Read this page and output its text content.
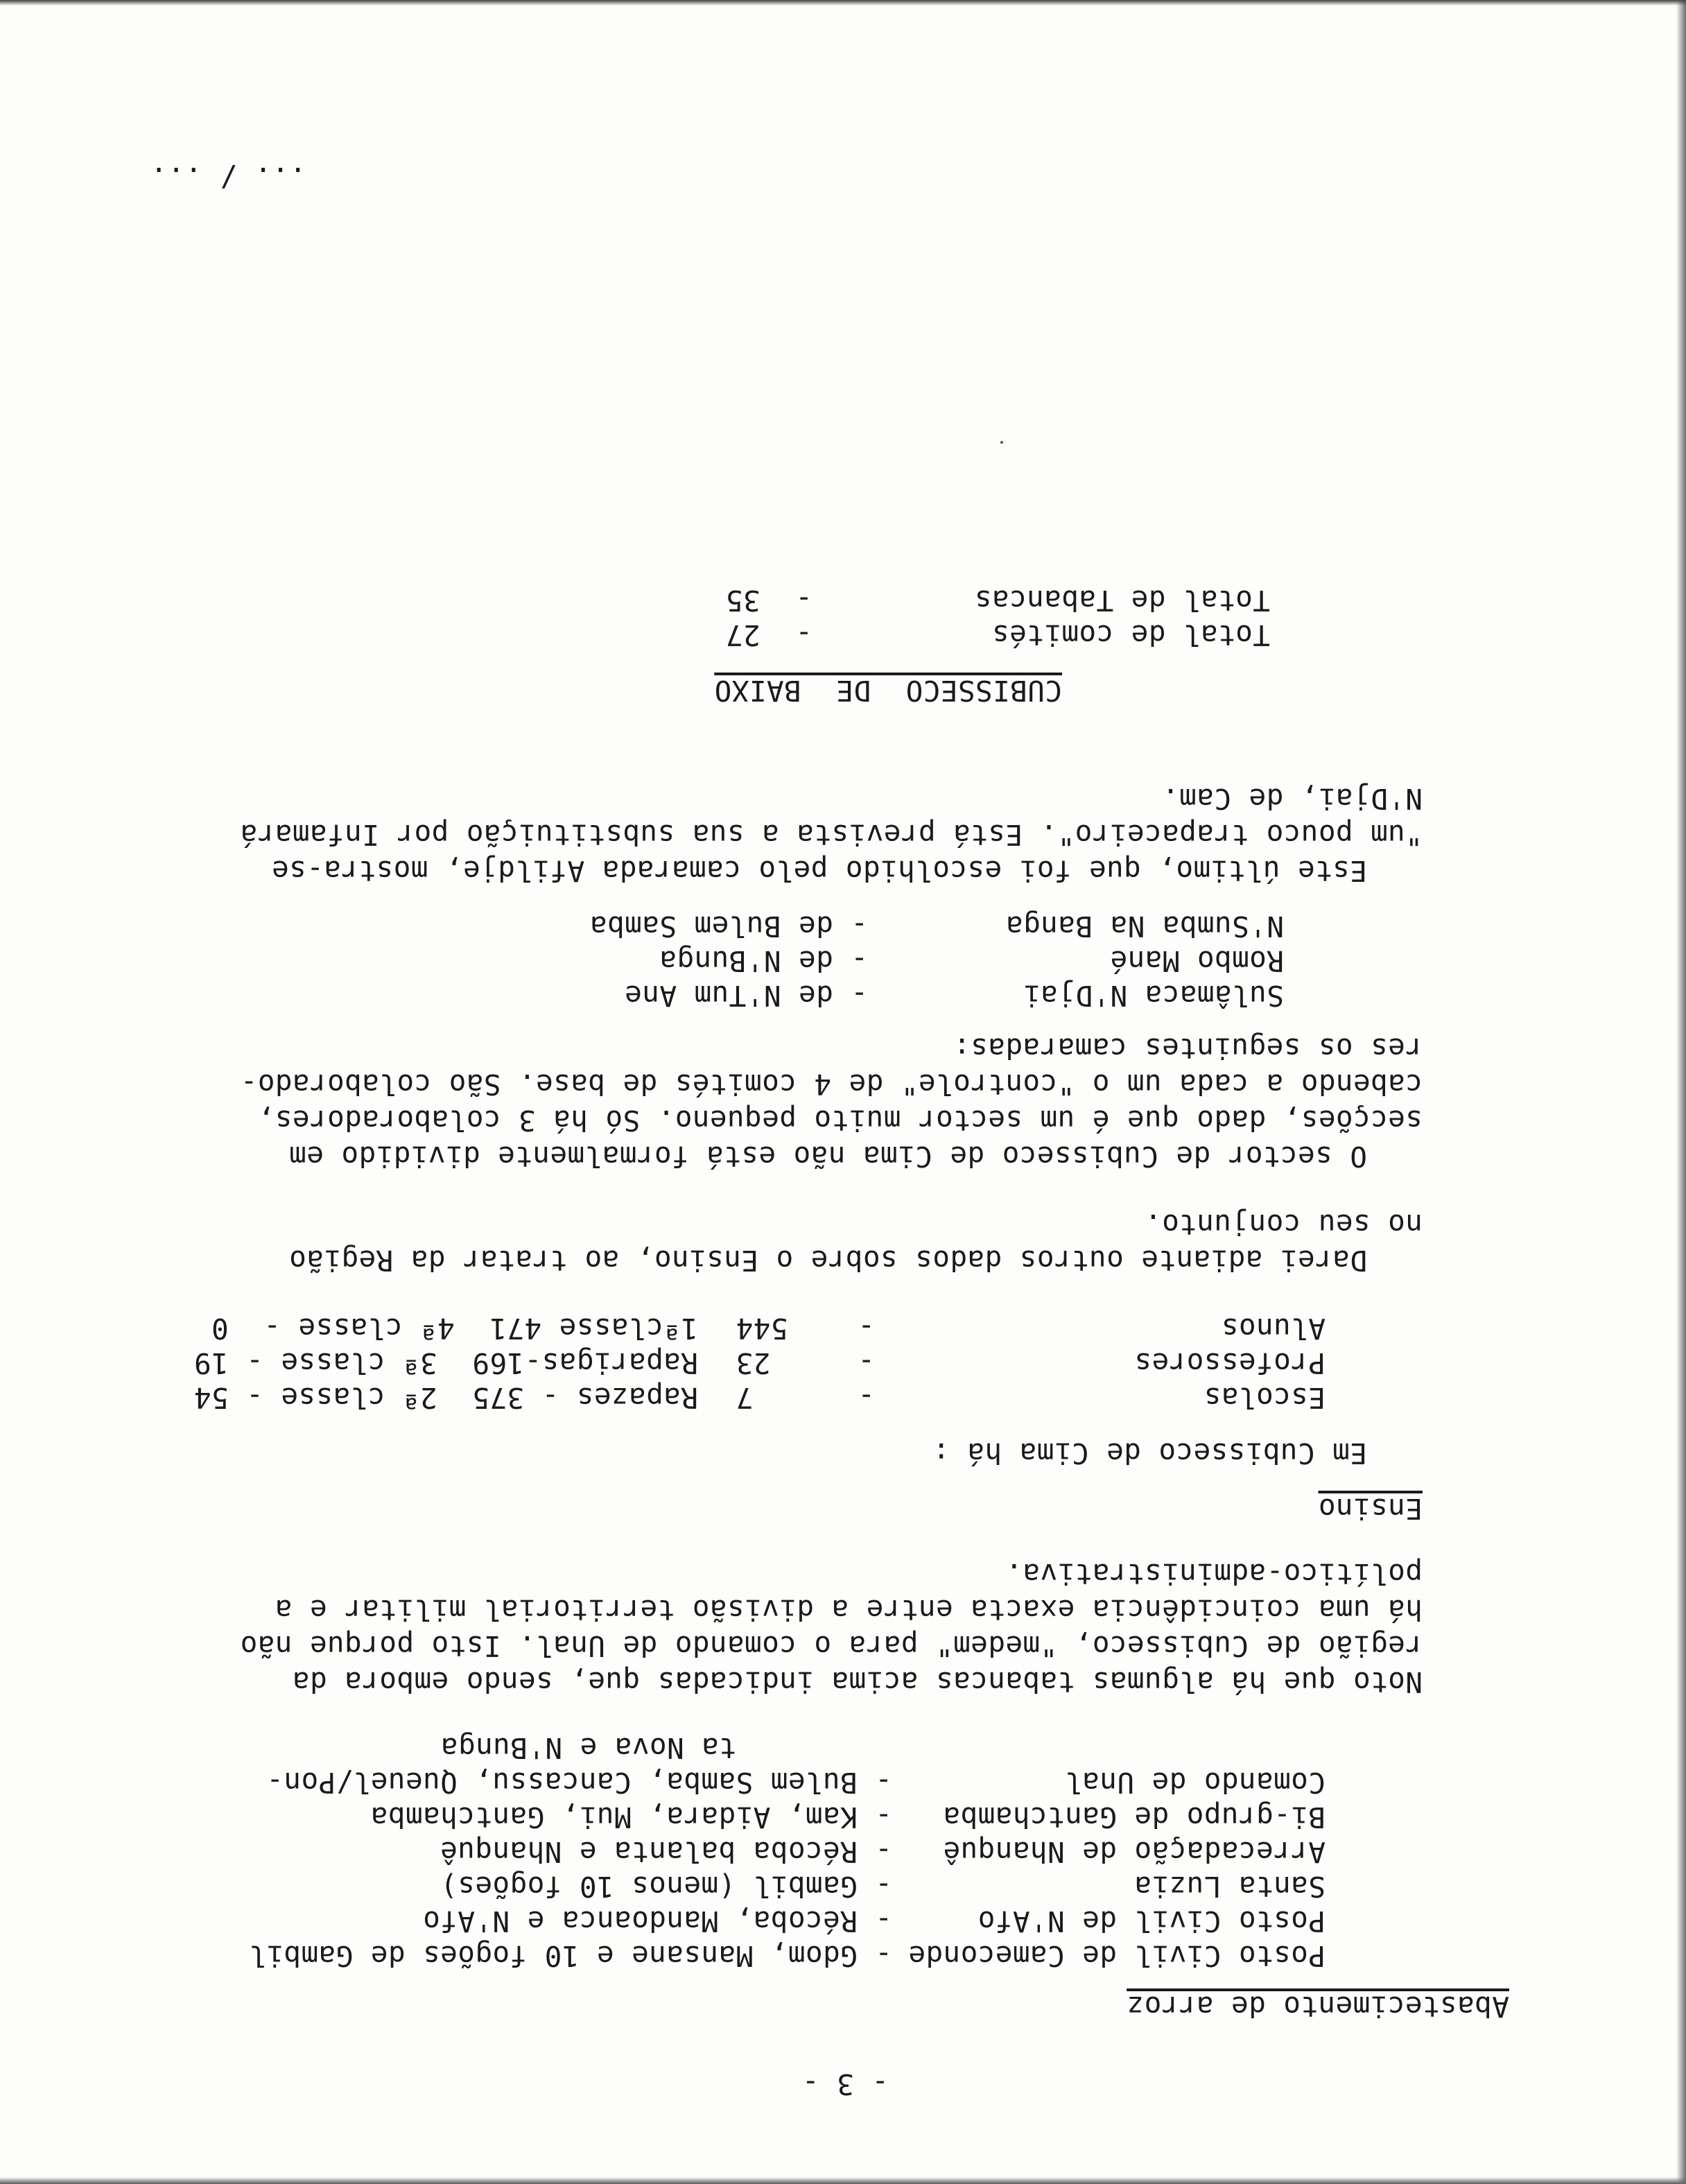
- 3 -
Abastecimento de arroz
Posto Civil de Cameconde
- Gdom, Mansane e 10 fogões de Gambil
Posto Civil de N'Afo
- Récoba, Mandoanca e N'Afo
Santa Luzia
- Gambil (menos 10 fogões)
Arrecadação de Nhanquê
- Récoba balanta e Nhanquê
Bi-grupo de Gantchamba
- Kam, Aidara, Mui, Gantchamba
Comando de Unal
- Bulem Samba, Cancassu, Queuel/Pon-
ta Nova e N'Bunga
Noto que há algumas tabancas acima indicadas que, sendo embora da
região de Cubisseco, "medem" para o comando de Unal. Isto porque não
há uma coincidência exacta entre a divisão territorial militar e a
político-administrativa.
Ensino
Em Cubisseco de Cima há :
Escolas
-      7
Rapazes - 375  2ª classe - 54
Professores
-     23
Raparigas-169  3ª classe - 19
Alunos
-    544
1ªclasse 471  4ª classe -  0
Darei adiante outros dados sobre o Ensino, ao tratar da Região
no seu conjunto.
O sector de Cubisseco de Cima não está formalmente dividido em
secções, dado que é um sector muito pequeno. Só há 3 colaboradores,
cabendo a cada um o "controle" de 4 comités de base. São colaborado-
res os seguintes camaradas:
Sulâmaca N'Djai
- de N'Tum Ane
Rombo Mané
- de N'Bunga
N'Sumba Na Banga
- de Bulem Samba
Este último, que foi escolhido pelo camarada Afildje, mostra-se
"um pouco trapaceiro". Está prevista a sua substituição por Infamará
N'Djai, de Cam.
CUBISSECO  DE  BAIXO
Total de comités
-  27
Total de Tabancas
-  35
... / ...
